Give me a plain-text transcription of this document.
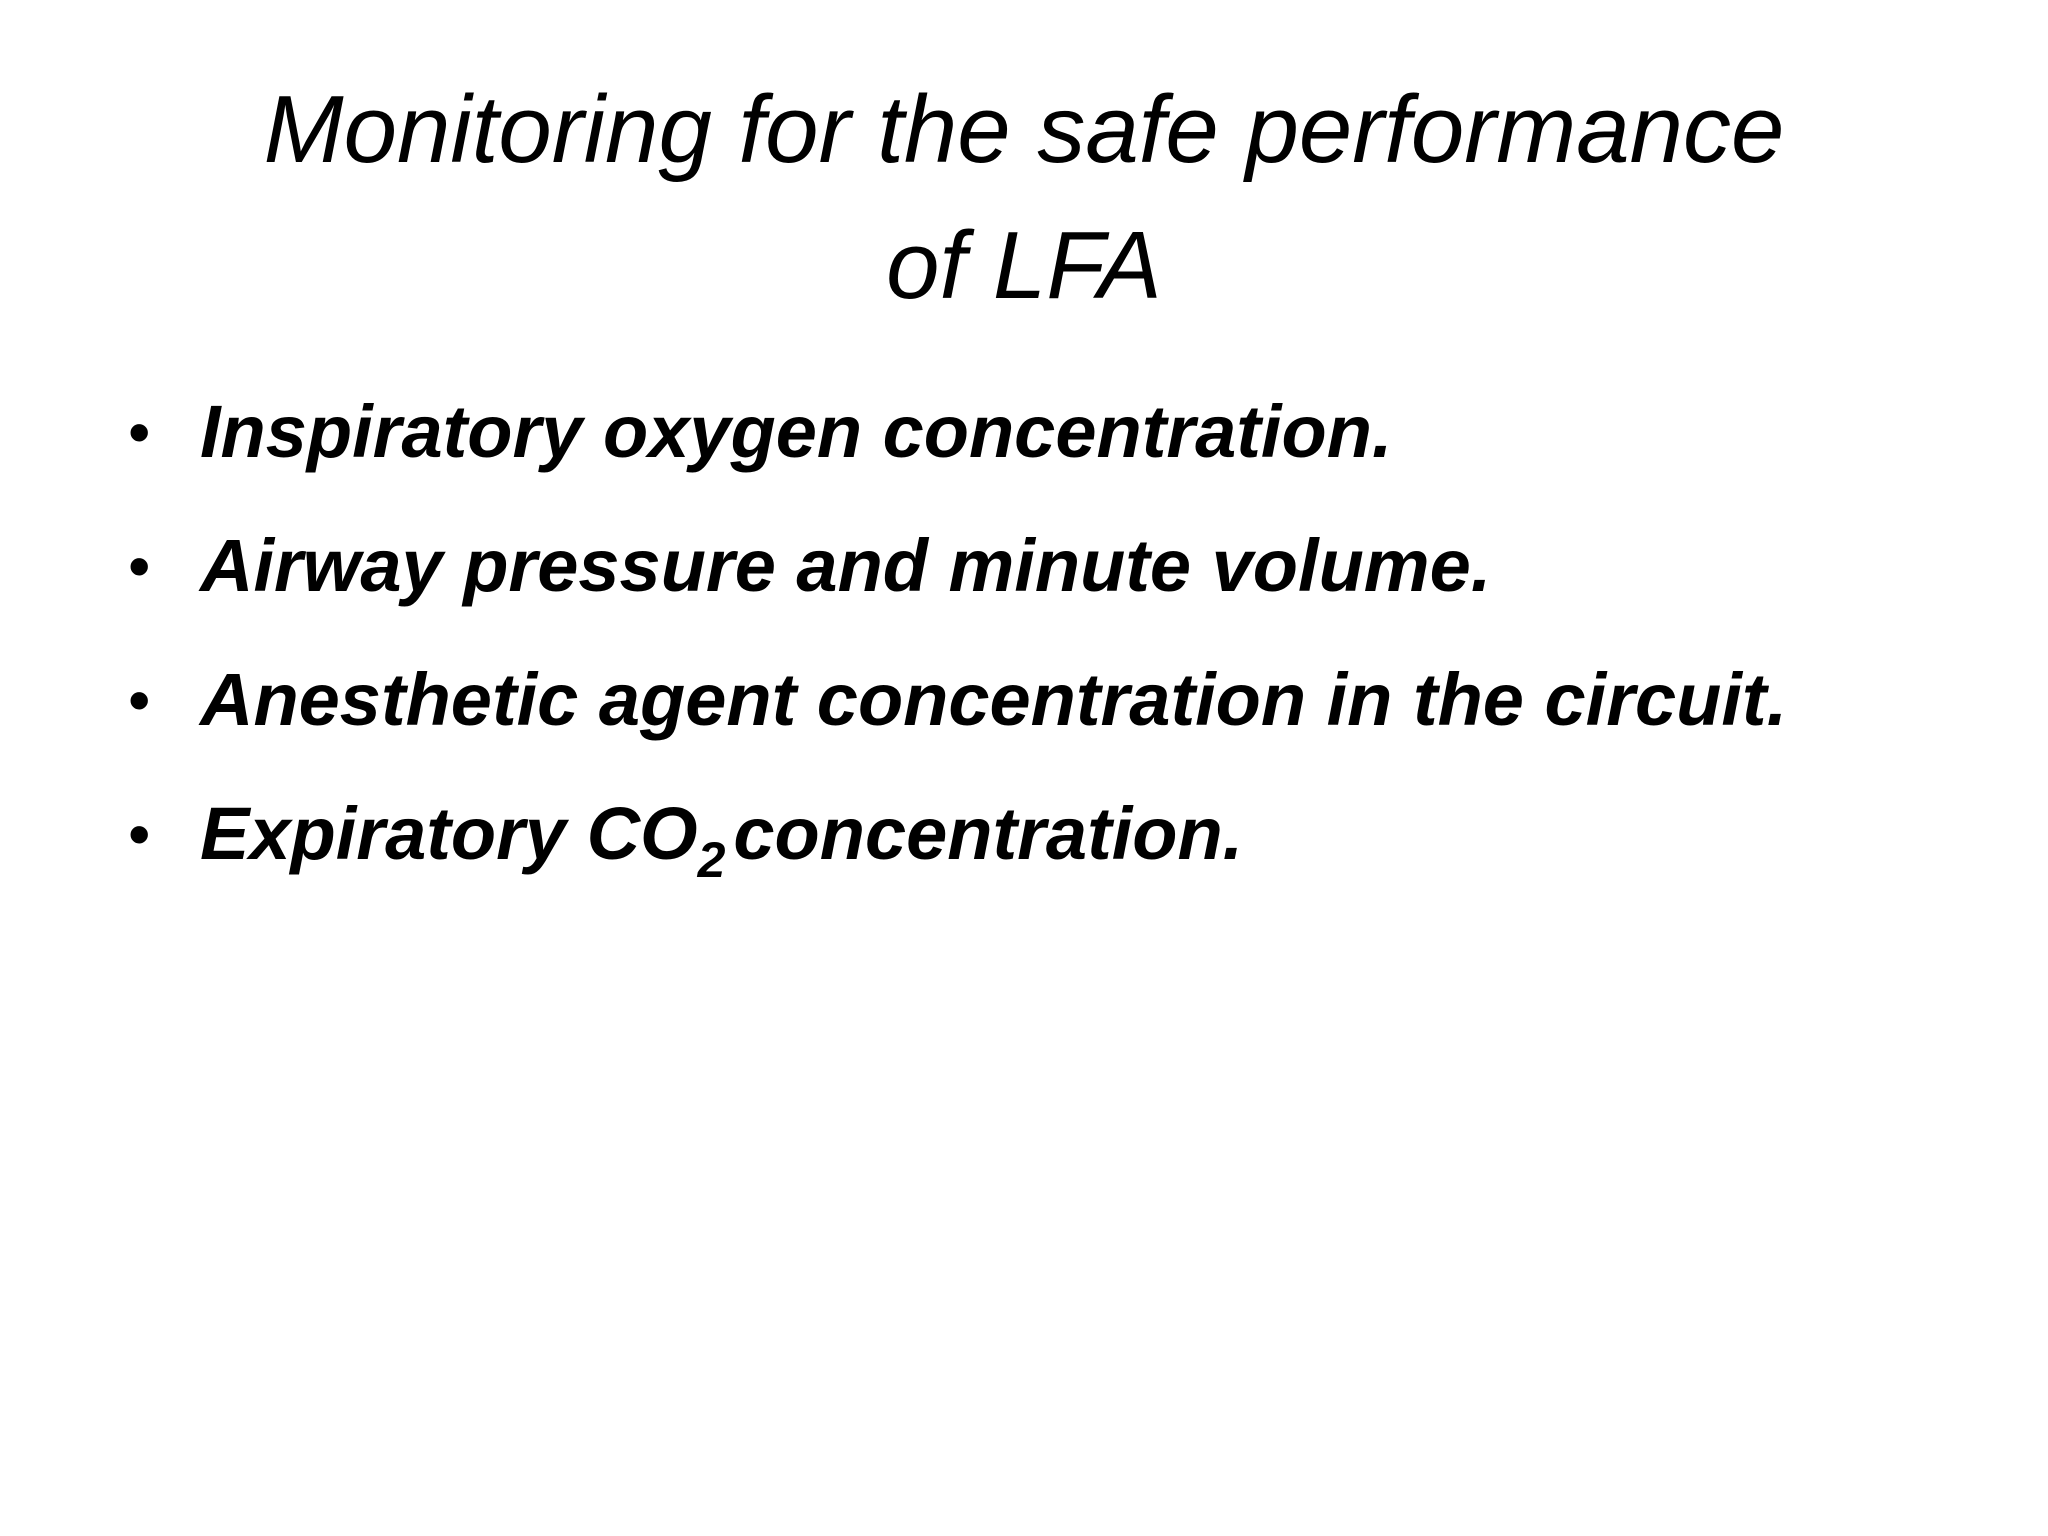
Monitoring for the safe performance
of LFA
• Inspiratory oxygen concentration.
• Airway pressure and minute volume.
• Anesthetic agent concentration in the circuit.
• Expiratory $CO_2$ concentration.
